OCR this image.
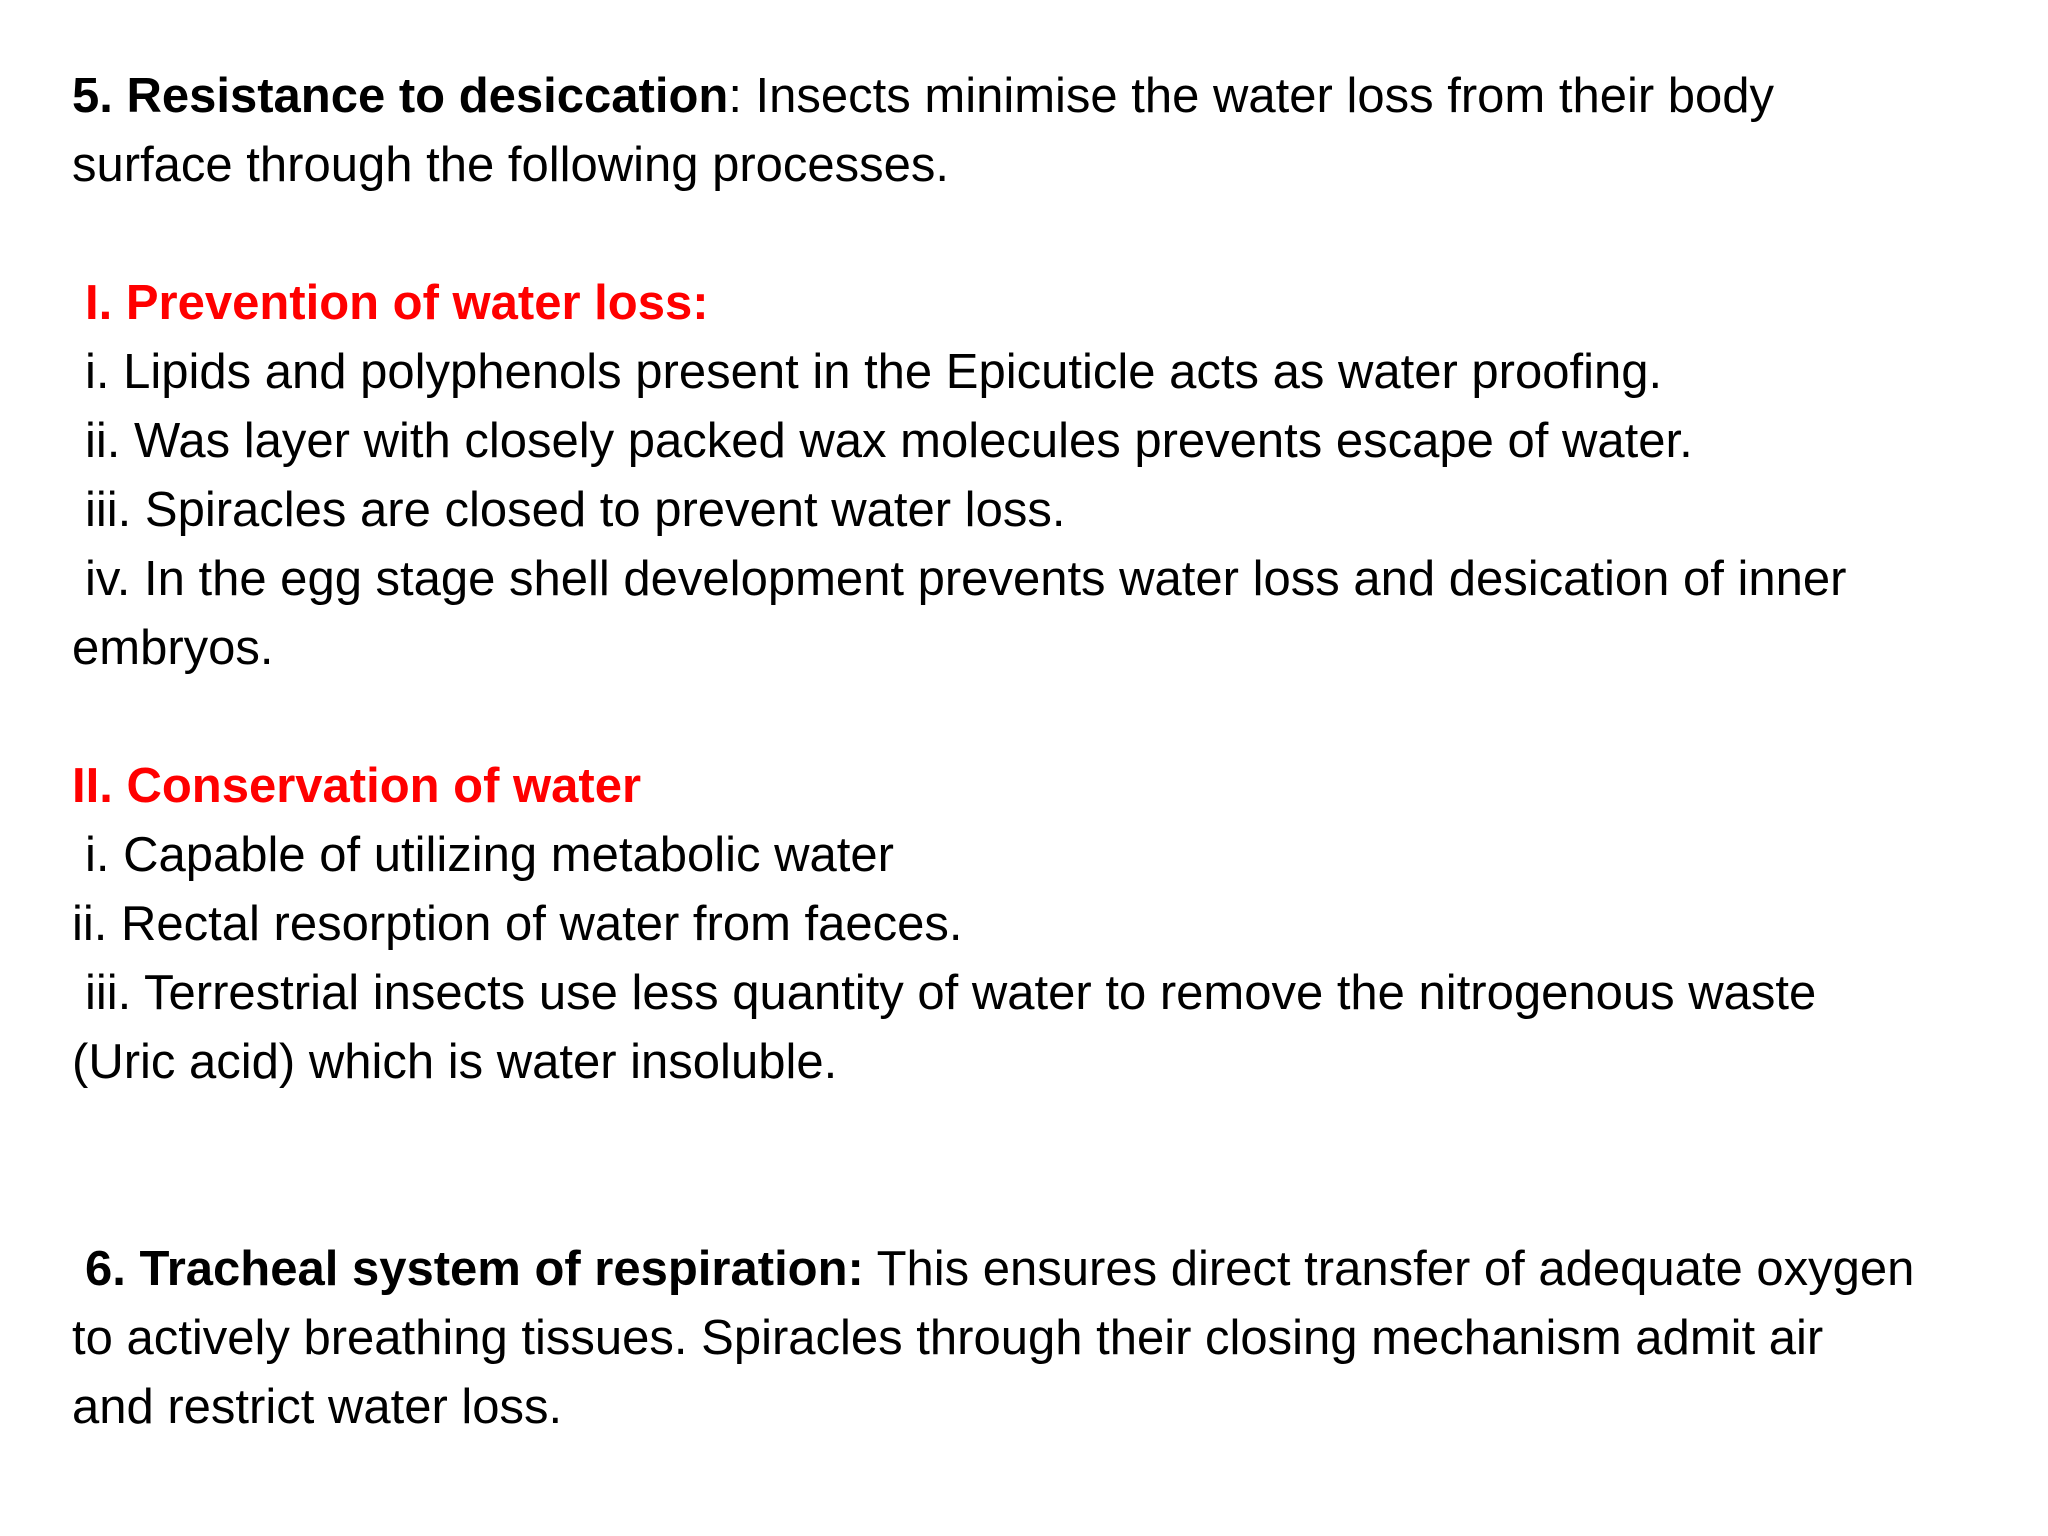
5. Resistance to desiccation: Insects minimise the water loss from their body
surface through the following processes.
I. Prevention of water loss:
i. Lipids and polyphenols present in the Epicuticle acts as water proofing.
ii. Was layer with closely packed wax molecules prevents escape of water.
iii. Spiracles are closed to prevent water loss.
iv. In the egg stage shell development prevents water loss and desication of inner
embryos.
II. Conservation of water
i. Capable of utilizing metabolic water
ii. Rectal resorption of water from faeces.
iii. Terrestrial insects use less quantity of water to remove the nitrogenous waste
(Uric acid) which is water insoluble.
6. Tracheal system of respiration: This ensures direct transfer of adequate oxygen
to actively breathing tissues. Spiracles through their closing mechanism admit air
and restrict water loss.
